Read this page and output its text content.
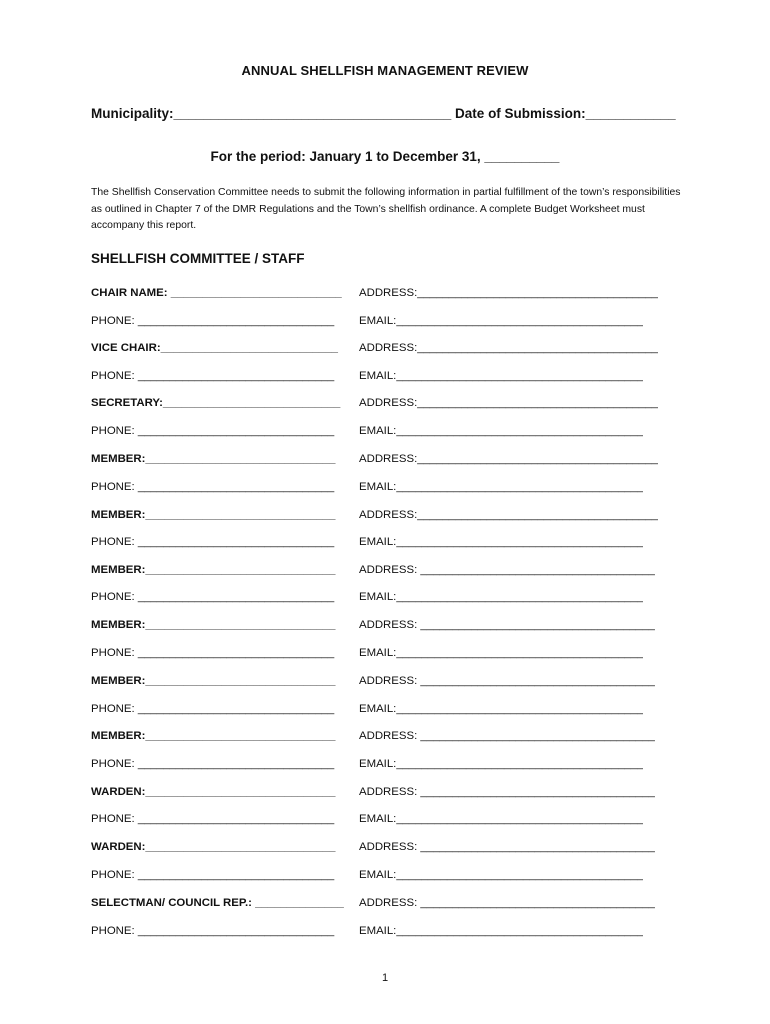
ANNUAL SHELLFISH MANAGEMENT REVIEW
Municipality:_____________________________________ Date of Submission:____________
For the period: January 1 to December 31, __________

The Shellfish Conservation Committee needs to submit the following information in partial fulfillment of the town’s responsibilities as outlined in Chapter 7 of the DMR Regulations and the Town’s shellfish ordinance. A complete Budget Worksheet must accompany this report.

SHELLFISH COMMITTEE / STAFF
CHAIR NAME: ___________________________ ADDRESS:______________________________________
PHONE: _______________________________ EMAIL:_______________________________________
VICE CHAIR:____________________________ ADDRESS:______________________________________
PHONE: _______________________________ EMAIL:_______________________________________
SECRETARY:____________________________ ADDRESS:______________________________________
PHONE: _______________________________ EMAIL:_______________________________________
MEMBER:______________________________ ADDRESS:______________________________________
PHONE: _______________________________ EMAIL:_______________________________________
MEMBER:______________________________ ADDRESS:______________________________________
PHONE: _______________________________ EMAIL:_______________________________________
MEMBER:______________________________ ADDRESS: _____________________________________
PHONE: _______________________________ EMAIL:_______________________________________
MEMBER:______________________________ ADDRESS: _____________________________________
PHONE: _______________________________ EMAIL:_______________________________________
MEMBER:______________________________ ADDRESS: _____________________________________
PHONE: _______________________________ EMAIL:_______________________________________
MEMBER:______________________________ ADDRESS: _____________________________________
PHONE: _______________________________ EMAIL:_______________________________________
WARDEN:______________________________ ADDRESS: _____________________________________
PHONE: _______________________________ EMAIL:_______________________________________
WARDEN:______________________________ ADDRESS: _____________________________________
PHONE: _______________________________ EMAIL:_______________________________________
SELECTMAN/ COUNCIL REP.: ______________ ADDRESS: _____________________________________
PHONE: _______________________________ EMAIL:_______________________________________
1
